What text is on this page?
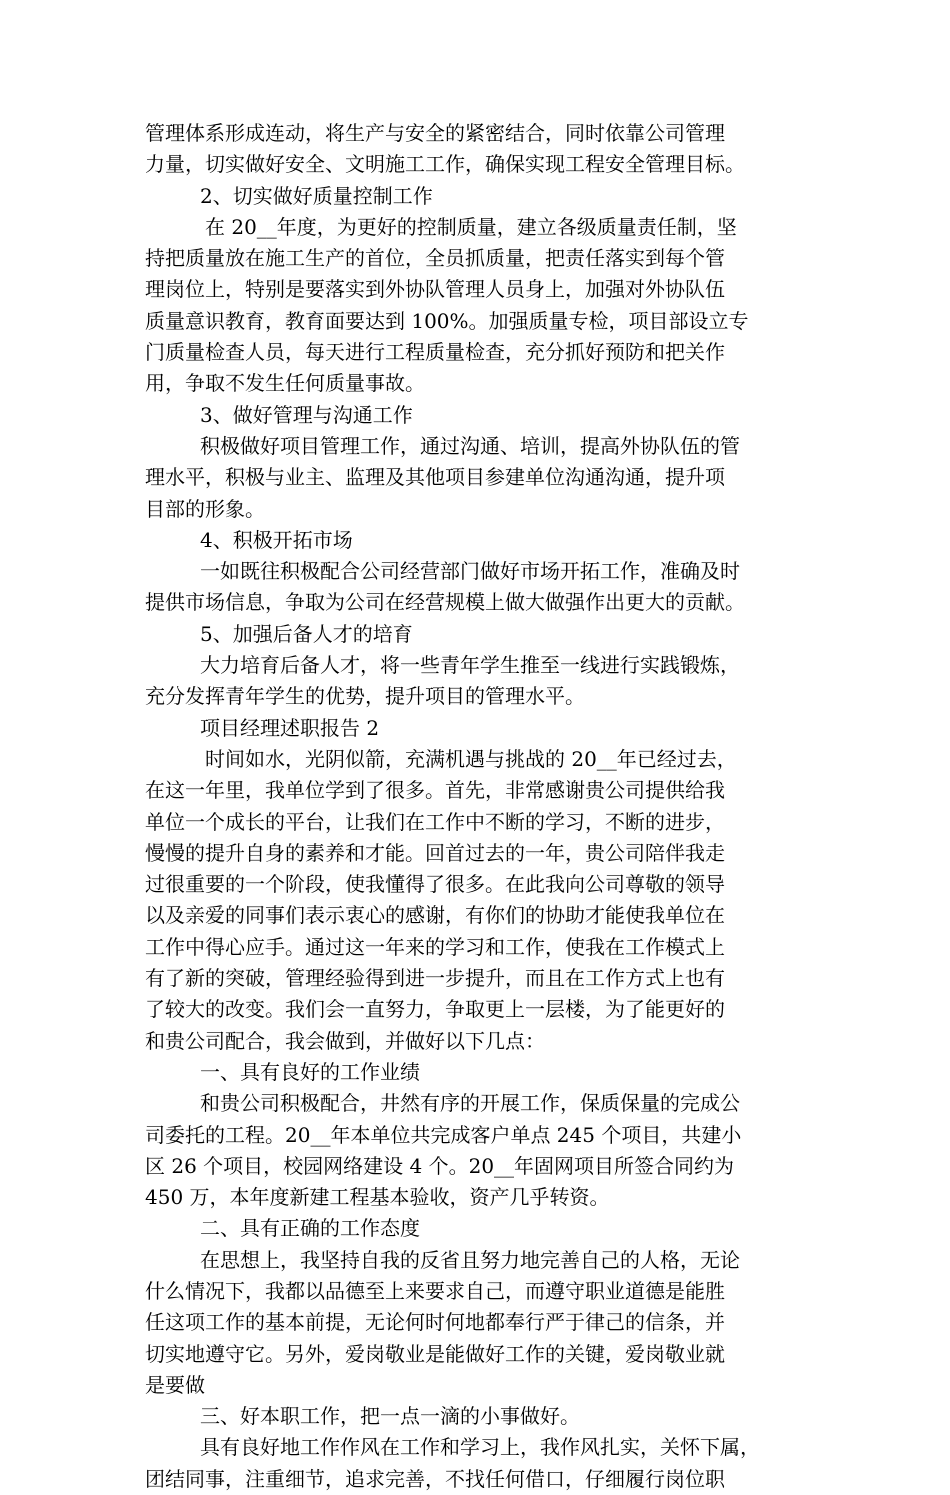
管理体系形成连动，将生产与安全的紧密结合，同时依靠公司管理
力量，切实做好安全、文明施工工作，确保实现工程安全管理目标。
2、切实做好质量控制工作
在 20__年度，为更好的控制质量，建立各级质量责任制，坚
持把质量放在施工生产的首位，全员抓质量，把责任落实到每个管
理岗位上，特别是要落实到外协队管理人员身上，加强对外协队伍
质量意识教育，教育面要达到 100%。加强质量专检，项目部设立专
门质量检查人员，每天进行工程质量检查，充分抓好预防和把关作
用，争取不发生任何质量事故。
3、做好管理与沟通工作
积极做好项目管理工作，通过沟通、培训，提高外协队伍的管
理水平，积极与业主、监理及其他项目参建单位沟通沟通，提升项
目部的形象。
4、积极开拓市场
一如既往积极配合公司经营部门做好市场开拓工作，准确及时
提供市场信息，争取为公司在经营规模上做大做强作出更大的贡献。
5、加强后备人才的培育
大力培育后备人才，将一些青年学生推至一线进行实践锻炼，
充分发挥青年学生的优势，提升项目的管理水平。
项目经理述职报告 2
时间如水，光阴似箭，充满机遇与挑战的 20__年已经过去，
在这一年里，我单位学到了很多。首先，非常感谢贵公司提供给我
单位一个成长的平台，让我们在工作中不断的学习，不断的进步，
慢慢的提升自身的素养和才能。回首过去的一年，贵公司陪伴我走
过很重要的一个阶段，使我懂得了很多。在此我向公司尊敬的领导
以及亲爱的同事们表示衷心的感谢，有你们的协助才能使我单位在
工作中得心应手。通过这一年来的学习和工作，使我在工作模式上
有了新的突破，管理经验得到进一步提升，而且在工作方式上也有
了较大的改变。我们会一直努力，争取更上一层楼，为了能更好的
和贵公司配合，我会做到，并做好以下几点：
一、具有良好的工作业绩
和贵公司积极配合，井然有序的开展工作，保质保量的完成公
司委托的工程。20__年本单位共完成客户单点 245 个项目，共建小
区 26 个项目，校园网络建设 4 个。20__年固网项目所签合同约为
450 万，本年度新建工程基本验收，资产几乎转资。
二、具有正确的工作态度
在思想上，我坚持自我的反省且努力地完善自己的人格，无论
什么情况下，我都以品德至上来要求自己，而遵守职业道德是能胜
任这项工作的基本前提，无论何时何地都奉行严于律己的信条，并
切实地遵守它。另外，爱岗敬业是能做好工作的关键，爱岗敬业就
是要做
三、好本职工作，把一点一滴的小事做好。
具有良好地工作作风在工作和学习上，我作风扎实，关怀下属，
团结同事，注重细节，追求完善，不找任何借口，仔细履行岗位职
